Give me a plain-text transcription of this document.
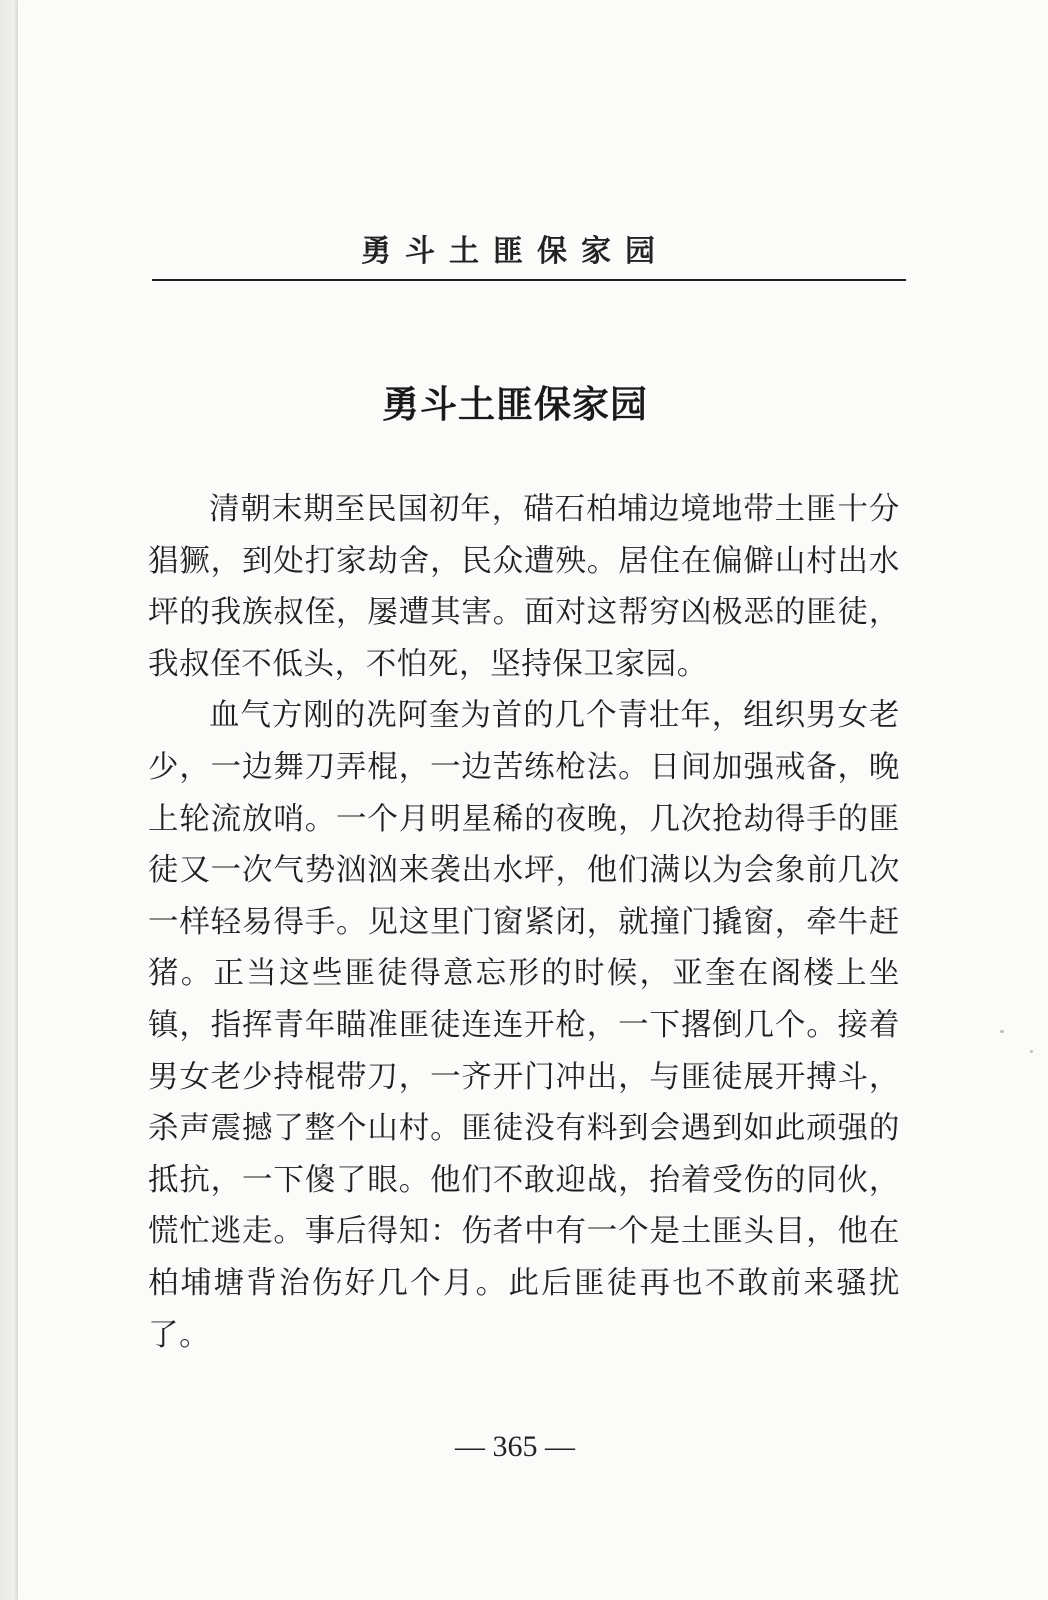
勇斗土匪保家园
勇斗土匪保家园

清朝末期至民国初年，碏石柏埔边境地带土匪十分猖獗，到处打家劫舍，民众遭殃。居住在偏僻山村出水坪的我族叔侄，屡遭其害。面对这帮穷凶极恶的匪徒，我叔侄不低头，不怕死，坚持保卫家园。

血气方刚的冼阿奎为首的几个青壮年，组织男女老少，一边舞刀弄棍，一边苦练枪法。日间加强戒备，晚上轮流放哨。一个月明星稀的夜晚，几次抢劫得手的匪徒又一次气势汹汹来袭出水坪，他们满以为会象前几次一样轻易得手。见这里门窗紧闭，就撞门撬窗，牵牛赶猪。正当这些匪徒得意忘形的时候，亚奎在阁楼上坐镇，指挥青年瞄准匪徒连连开枪，一下撂倒几个。接着男女老少持棍带刀，一齐开门冲出，与匪徒展开搏斗，杀声震撼了整个山村。匪徒没有料到会遇到如此顽强的抵抗，一下傻了眼。他们不敢迎战，抬着受伤的同伙，慌忙逃走。事后得知：伤者中有一个是土匪头目，他在柏埔塘背治伤好几个月。此后匪徒再也不敢前来骚扰了。

— 365 —
